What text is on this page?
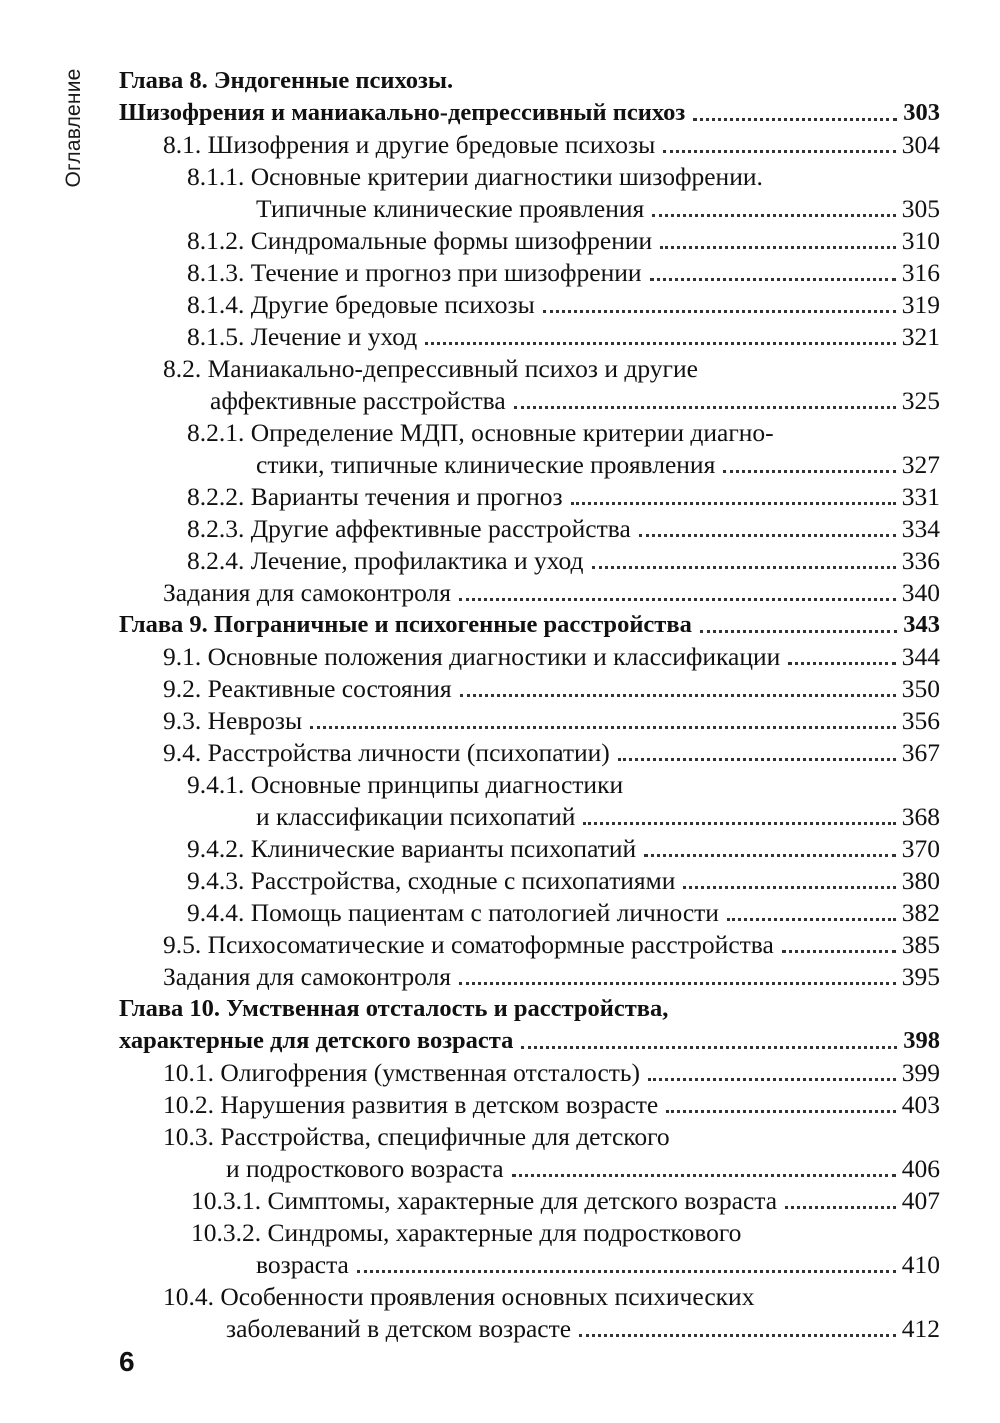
Оглавление Глава 8. Эндогенные психозы.
Шизофрения и маниакально-депрессивный психоз	303
8.1. Шизофрения и другие бредовые психозы	304
8.1.1. Основные критерии диагностики шизофрении.
Типичные клинические проявления	305
8.1.2. Синдромальные формы шизофрении	310
8.1.3. Течение и прогноз при шизофрении	316
8.1.4. Другие бредовые психозы	319
8.1.5. Лечение и уход	321
8.2. Маниакально-депрессивный психоз и другие
аффективные расстройства	325
8.2.1. Определение МДП, основные критерии диагно-
стики, типичные клинические проявления	327
8.2.2. Варианты течения и прогноз	331
8.2.3. Другие аффективные расстройства	334
8.2.4. Лечение, профилактика и уход	336
Задания для самоконтроля	340
Глава 9. Пограничные и психогенные расстройства	343
9.1. Основные положения диагностики и классификации	344
9.2. Реактивные состояния	350
9.3. Неврозы	356
9.4. Расстройства личности (психопатии)	367
9.4.1. Основные принципы диагностики
и классификации психопатий	368
9.4.2. Клинические варианты психопатий	370
9.4.3. Расстройства, сходные с психопатиями	380
9.4.4. Помощь пациентам с патологией личности	382
9.5. Психосоматические и соматоформные расстройства	385
Задания для самоконтроля	395
Глава 10. Умственная отсталость и расстройства,
характерные для детского возраста	398
10.1. Олигофрения (умственная отсталость)	399
10.2. Нарушения развития в детском возрасте	403
10.3. Расстройства, специфичные для детского
и подросткового возраста	406
10.3.1. Симптомы, характерные для детского возраста	407
10.3.2. Синдромы, характерные для подросткового
возраста	410
10.4. Особенности проявления основных психических
заболеваний в детском возрасте	412
6
